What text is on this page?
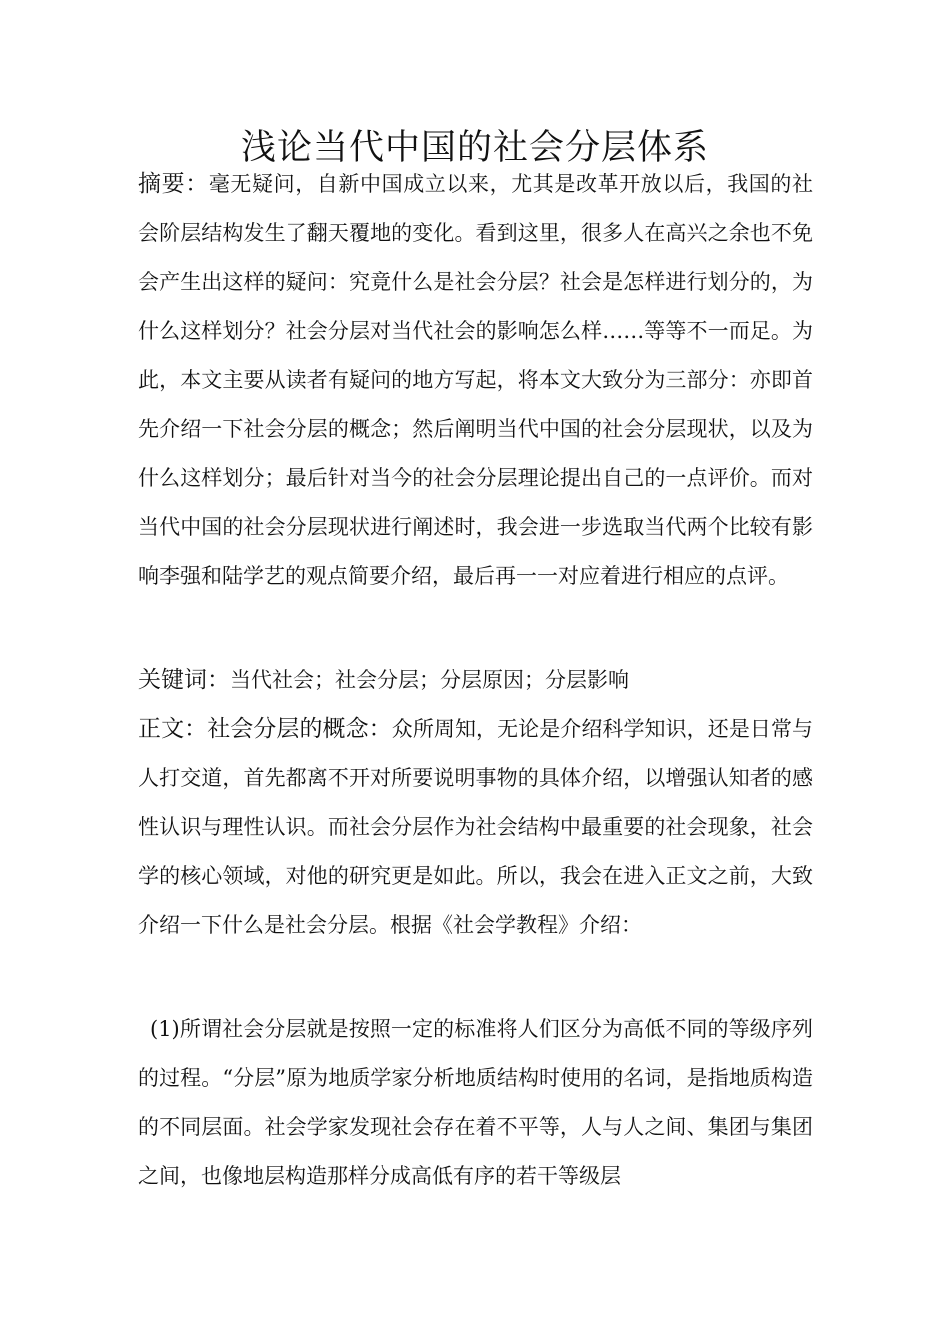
浅论当代中国的社会分层体系
摘要：毫无疑问，自新中国成立以来，尤其是改革开放以后，我国的社会阶层结构发生了翻天覆地的变化。看到这里，很多人在高兴之余也不免会产生出这样的疑问：究竟什么是社会分层？社会是怎样进行划分的，为什么这样划分？社会分层对当代社会的影响怎么样……等等不一而足。为此，本文主要从读者有疑问的地方写起，将本文大致分为三部分：亦即首先介绍一下社会分层的概念；然后阐明当代中国的社会分层现状，以及为什么这样划分；最后针对当今的社会分层理论提出自己的一点评价。而对当代中国的社会分层现状进行阐述时，我会进一步选取当代两个比较有影响李强和陆学艺的观点简要介绍，最后再一一对应着进行相应的点评。
关键词：当代社会；社会分层；分层原因；分层影响
正文：社会分层的概念：众所周知，无论是介绍科学知识，还是日常与人打交道，首先都离不开对所要说明事物的具体介绍，以增强认知者的感性认识与理性认识。而社会分层作为社会结构中最重要的社会现象，社会学的核心领域，对他的研究更是如此。所以，我会在进入正文之前，大致介绍一下什么是社会分层。根据《社会学教程》介绍：
(1)所谓社会分层就是按照一定的标准将人们区分为高低不同的等级序列的过程。“分层”原为地质学家分析地质结构时使用的名词，是指地质构造的不同层面。社会学家发现社会存在着不平等，人与人之间、集团与集团之间，也像地层构造那样分成高低有序的若干等级层
